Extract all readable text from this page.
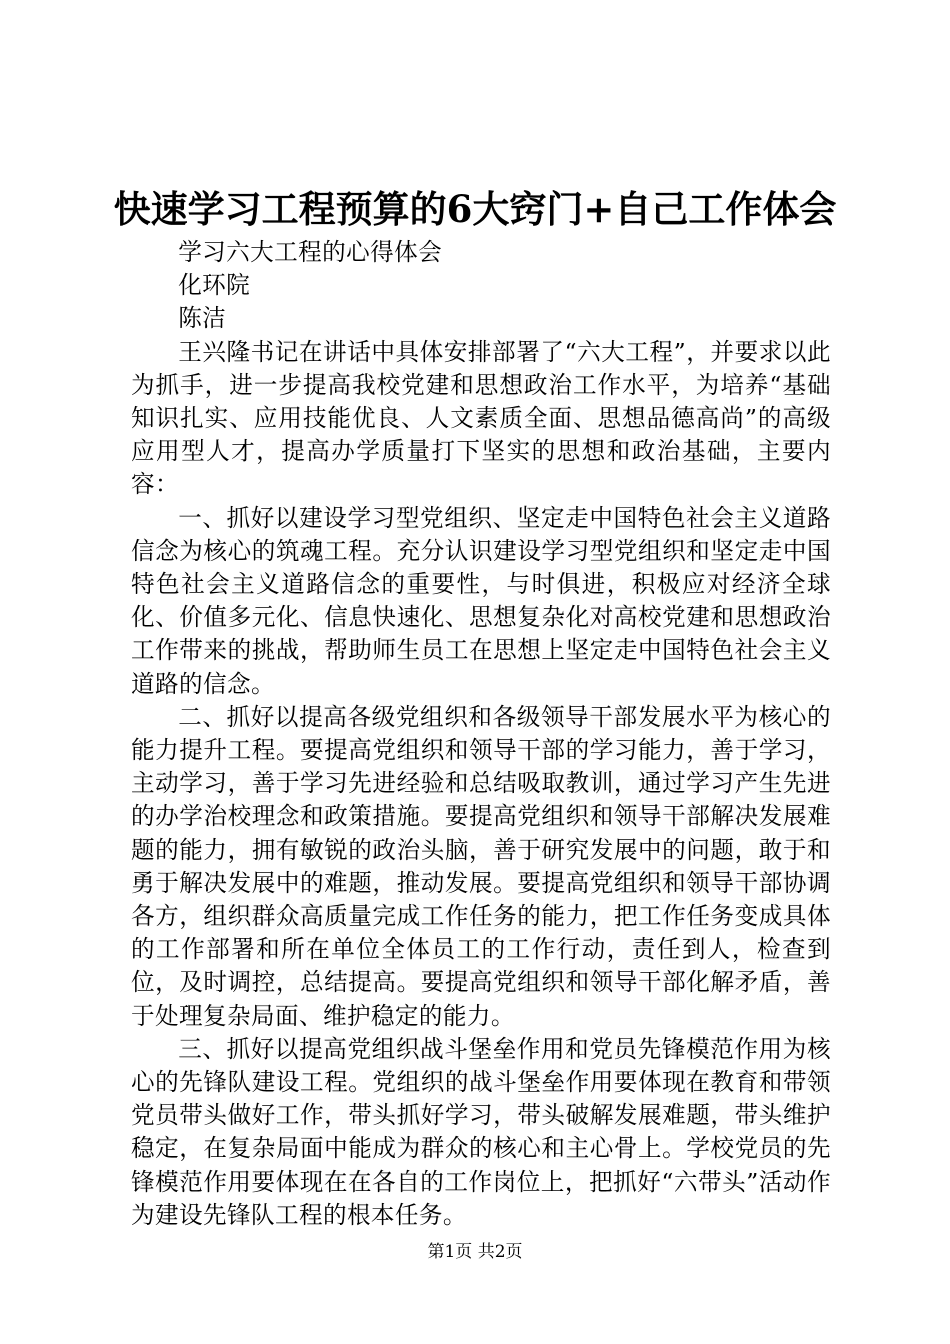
快速学习工程预算的6大窍门+自己工作体会

学习六大工程的心得体会

化环院

陈洁

王兴隆书记在讲话中具体安排部署了“六大工程”，并要求以此为抓手，进一步提高我校党建和思想政治工作水平，为培养“基础知识扎实、应用技能优良、人文素质全面、思想品德高尚”的高级应用型人才，提高办学质量打下坚实的思想和政治基础，主要内容：

一、抓好以建设学习型党组织、坚定走中国特色社会主义道路信念为核心的筑魂工程。充分认识建设学习型党组织和坚定走中国特色社会主义道路信念的重要性，与时俱进，积极应对经济全球化、价值多元化、信息快速化、思想复杂化对高校党建和思想政治工作带来的挑战，帮助师生员工在思想上坚定走中国特色社会主义道路的信念。

二、抓好以提高各级党组织和各级领导干部发展水平为核心的能力提升工程。要提高党组织和领导干部的学习能力，善于学习，主动学习，善于学习先进经验和总结吸取教训，通过学习产生先进的办学治校理念和政策措施。要提高党组织和领导干部解决发展难题的能力，拥有敏锐的政治头脑，善于研究发展中的问题，敢于和勇于解决发展中的难题，推动发展。要提高党组织和领导干部协调各方，组织群众高质量完成工作任务的能力，把工作任务变成具体的工作部署和所在单位全体员工的工作行动，责任到人，检查到位，及时调控，总结提高。要提高党组织和领导干部化解矛盾，善于处理复杂局面、维护稳定的能力。

三、抓好以提高党组织战斗堡垒作用和党员先锋模范作用为核心的先锋队建设工程。党组织的战斗堡垒作用要体现在教育和带领党员带头做好工作，带头抓好学习，带头破解发展难题，带头维护稳定，在复杂局面中能成为群众的核心和主心骨上。学校党员的先锋模范作用要体现在在各自的工作岗位上，把抓好“六带头”活动作为建设先锋队工程的根本任务。

第1页 共2页
